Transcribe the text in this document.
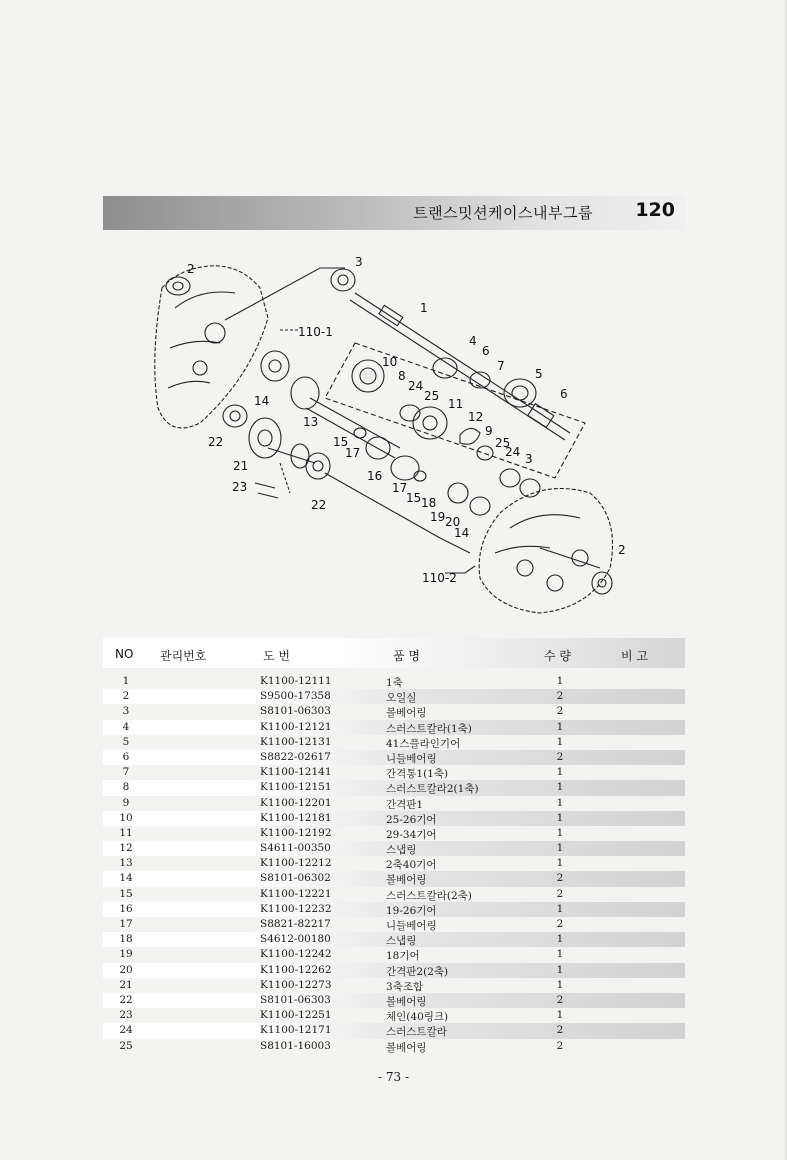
트랜스밋션케이스내부그룹 120
2	3
1
110-1
4
6
7
5
10
8
24
25
11
6
14
13	12
9
22	15
17
25
24 3
21
16
17
15 18
23
22
19 20
14
2
110-2
NO 관리번호	도 번	품 명	수 량	비 고
1	K1100-12111	1축	1
2	S9500-17358	오일실	2
3	S8101-06303	볼베어링	2
4	K1100-12121	스러스트칼라(1축)	1
5	K1100-12131	41스플라인기어	1
6	S8822-02617	니들베어링	2
7	K1100-12141	간격통1(1축)	1
8	K1100-12151	스러스트칼라2(1축)	1
9	K1100-12201	간격판1	1
10	K1100-12181	25-26기어	1
11	K1100-12192	29-34기어	1
12	S4611-00350	스냅링	1
13	K1100-12212	2축40기어	1
14	S8101-06302	볼베어링	2
15	K1100-12221	스러스트칼라(2축)	2
16	K1100-12232	19-26기어	1
17	S8821-82217	니들베어링	2
18	S4612-00180	스냅링	1
19	K1100-12242	18기어	1
20	K1100-12262	간격판2(2축)	1
21	K1100-12273	3축조합	1
22	S8101-06303	볼베어링	2
23	K1100-12251	체인(40링크)	1
24	K1100-12171	스러스트칼라	2
25	S8101-16003	볼베어링	2
- 73 -
